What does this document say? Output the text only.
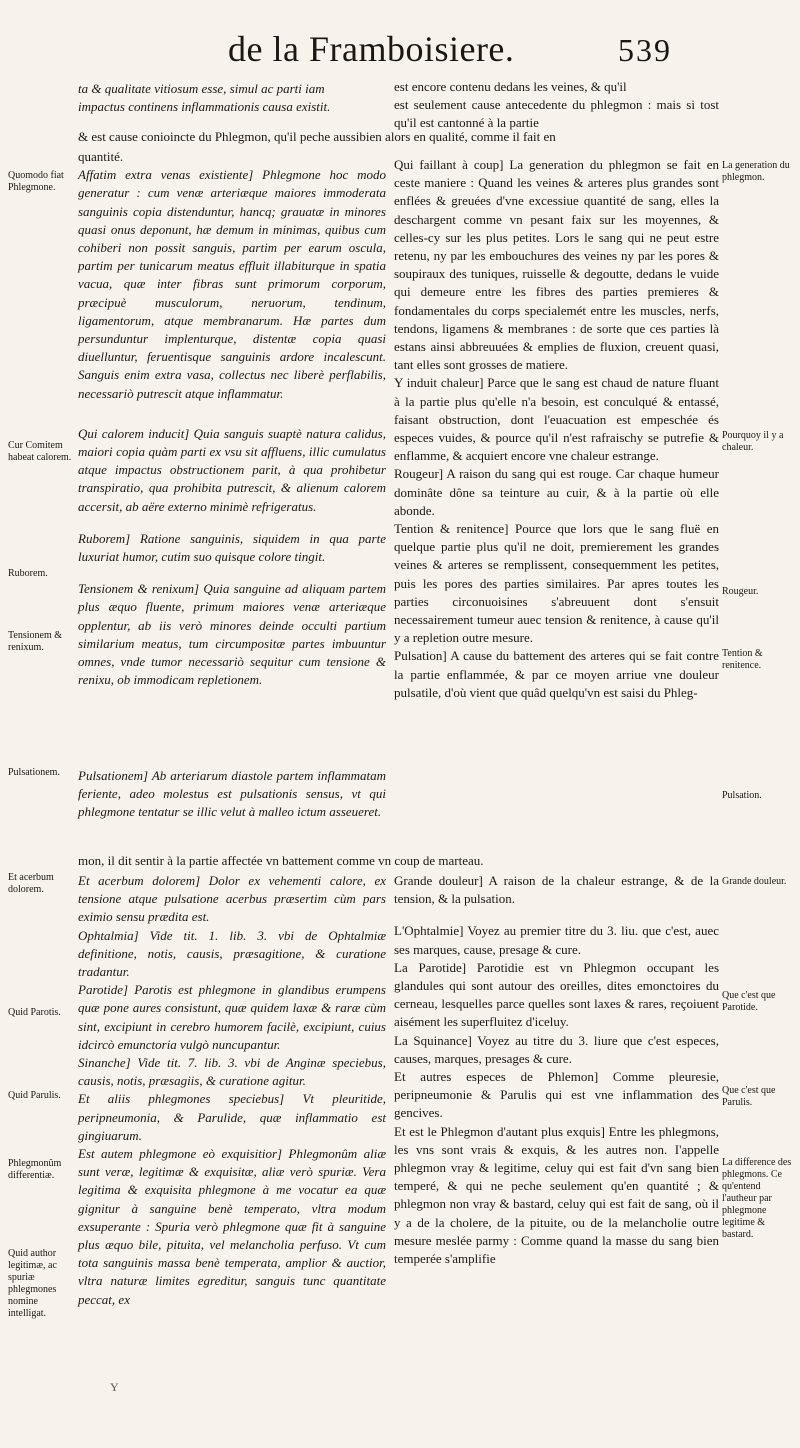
de la Framboisiere.	539

ta & qualitate vitiosum esse, simul ac parti iam

impactus continens inflammationis causa existit.

est encore contenu dedans les veines, & qu'il

est seulement cause antecedente du phlegmon : mais si tost qu'il est cantonné à la partie

& est cause conioincte du Phlegmon, qu'il peche aussibien alors en qualité, comme il fait en

quantité.

Affatim extra venas existiente] Phlegmone hoc modo generatur : cum venæ arteriæque maiores immoderata sanguinis copia distenduntur, hancq; grauatæ in minores quasi onus deponunt, hæ demum in minimas, quibus cum cohiberi non possit sanguis, partim per earum oscula, partim per tunicarum meatus effluit illabiturque in spatia vacua, quæ inter fibras sunt primorum corporum, præcipuè musculorum, neruorum, tendinum, ligamentorum, atque membranarum. Hæ partes dum persunduntur implenturque, distentæ copia quasi diuelluntur, feruentisque sanguinis ardore incalescunt. Sanguis enim extra vasa, collectus nec liberè perflabilis, necessariò putrescit atque inflammatur.

Qui calorem inducit] Quia sanguis suaptè natura calidus, maiori copia quàm parti ex vsu sit affluens, illic cumulatus atque impactus obstructionem parit, à qua prohibetur transpiratio, qua prohibita putrescit, & alienum calorem accersit, ab aëre externo minimè refrigeratus.

Ruborem] Ratione sanguinis, siquidem in qua parte luxuriat humor, cutim suo quisque colore tingit.

Tensionem & renixum] Quia sanguine ad aliquam partem plus æquo fluente, primum maiores venæ arteriæque opplentur, ab iis verò minores deinde occulti partium similarium meatus, tum circumpositæ partes imbuuntur omnes, vnde tumor necessariò sequitur cum tensione & renixu, ob immodicam repletionem.

Qui faillant à coup] La generation du phlegmon se fait en ceste maniere : Quand les veines & arteres plus grandes sont enflées & greuées d'vne excessiue quantité de sang, elles la deschargent comme vn pesant faix sur les moyennes, & celles-cy sur les plus petites. Lors le sang qui ne peut estre retenu, ny par les embouchures des veines ny par les pores & soupiraux des tuniques, ruisselle & degoutte, dedans le vuide qui demeure entre les fibres des parties premieres & fondamentales du corps specialemét entre les muscles, nerfs, tendons, ligamens & membranes : de sorte que ces parties là estans ainsi abbreuuées & emplies de fluxion, creuent quasi, tant elles sont grosses de matiere.

Y induit chaleur] Parce que le sang est chaud de nature fluant à la partie plus qu'elle n'a besoin, est conculqué & entassé, faisant obstruction, dont l'euacuation est empeschée és especes vuides, & pource qu'il n'est rafraischy se putrefie & enflamme, & acquiert encore vne chaleur estrange.

Rougeur] A raison du sang qui est rouge. Car chaque humeur dominâte dône sa teinture au cuir, & à la partie où elle abonde.

Tention & renitence] Pource que lors que le sang fluë en quelque partie plus qu'il ne doit, premierement les grandes veines & arteres se remplissent, consequemment les petites, puis les pores des parties similaires. Par apres toutes les parties circonuoisines s'abreuuent dont s'ensuit necessairement tumeur auec tension & renitence, à cause qu'il y a repletion outre mesure.

Pulsation] A cause du battement des arteres qui se fait contre la partie enflammée, & par ce moyen arriue vne douleur pulsatile, d'où vient que quâd quelqu'vn est saisi du Phleg-

Pulsationem] Ab arteriarum diastole partem inflammatam feriente, adeo molestus est pulsationis sensus, vt qui phlegmone tentatur se illic velut à malleo ictum asseueret.

mon, il dit sentir à la partie affectée vn battement comme vn coup de marteau.

Et acerbum dolorem] Dolor ex vehementi calore, ex tensione atque pulsatione acerbus præsertim cùm pars eximio sensu prædita est.

Ophtalmia] Vide tit. 1. lib. 3. vbi de Ophtalmiæ definitione, notis, causis, præsagitione, & curatione tradantur.

Parotide] Parotis est phlegmone in glandibus erumpens quæ pone aures consistunt, quæ quidem laxæ & raræ cùm sint, excipiunt in cerebro humorem facilè, excipiunt, cuius idcircò emunctoria vulgò nuncupantur.

Sinanche] Vide tit. 7. lib. 3. vbi de Anginæ speciebus, causis, notis, præsagiis, & curatione agitur.

Et aliis phlegmones speciebus] Vt pleuritide, peripneumonia, & Parulide, quæ inflammatio est gingiuarum.

Est autem phlegmone eò exquisitior] Phlegmonûm aliæ sunt veræ, legitimæ & exquisitæ, aliæ verò spuriæ. Vera legitima & exquisita phlegmone à me vocatur ea quæ gignitur à sanguine benè temperato, vltra modum exsuperante : Spuria verò phlegmone quæ fit à sanguine plus æquo bile, pituita, vel melancholia perfuso. Vt cum tota sanguinis massa benè temperata, amplior & auctior, vltra naturæ limites egreditur, sanguis tunc quantitate peccat, ex

Grande douleur] A raison de la chaleur estrange, & de la tension, & la pulsation.

L'Ophtalmie] Voyez au premier titre du 3. liu. que c'est, auec ses marques, cause, presage & cure.

La Parotide] Parotidie est vn Phlegmon occupant les glandules qui sont autour des oreilles, dites emonctoires du cerneau, lesquelles parce quelles sont laxes & rares, reçoiuent aisément les superfluitez d'iceluy.

La Squinance] Voyez au titre du 3. liure que c'est especes, causes, marques, presages & cure.

Et autres especes de Phlemon] Comme pleuresie, peripneumonie & Parulis qui est vne inflammation des gencives.

Et est le Phlegmon d'autant plus exquis] Entre les phlegmons, les vns sont vrais & exquis, & les autres non. I'appelle phlegmon vray & legitime, celuy qui est fait d'vn sang bien temperé, & qui ne peche seulement qu'en quantité ; & phlegmon non vray & bastard, celuy qui est fait de sang, où il y a de la cholere, de la pituite, ou de la melancholie outre mesure meslée parmy : Comme quand la masse du sang bien temperée s'amplifie

Quomodo fiat Phlegmone.
Cur Comitem habeat calorem.
Ruborem.
Tensionem & renixum.
Pulsationem.
Et acerbum dolorem.
Quid Parotis.
Quid Parulis.
Phlegmonûm differentiæ.
Quid author legitimæ, ac spuriæ phlegmones nomine intelligat.
La generation du phlegmon.
Pourquoy il y a chaleur.
Rougeur.
Tention & renitence.
Pulsation.
Grande douleur.
Que c'est que Parotide.
Que c'est que Parulis.
La difference des phlegmons. Ce qu'entend l'autheur par phlegmone legitime & bastard.
Y
